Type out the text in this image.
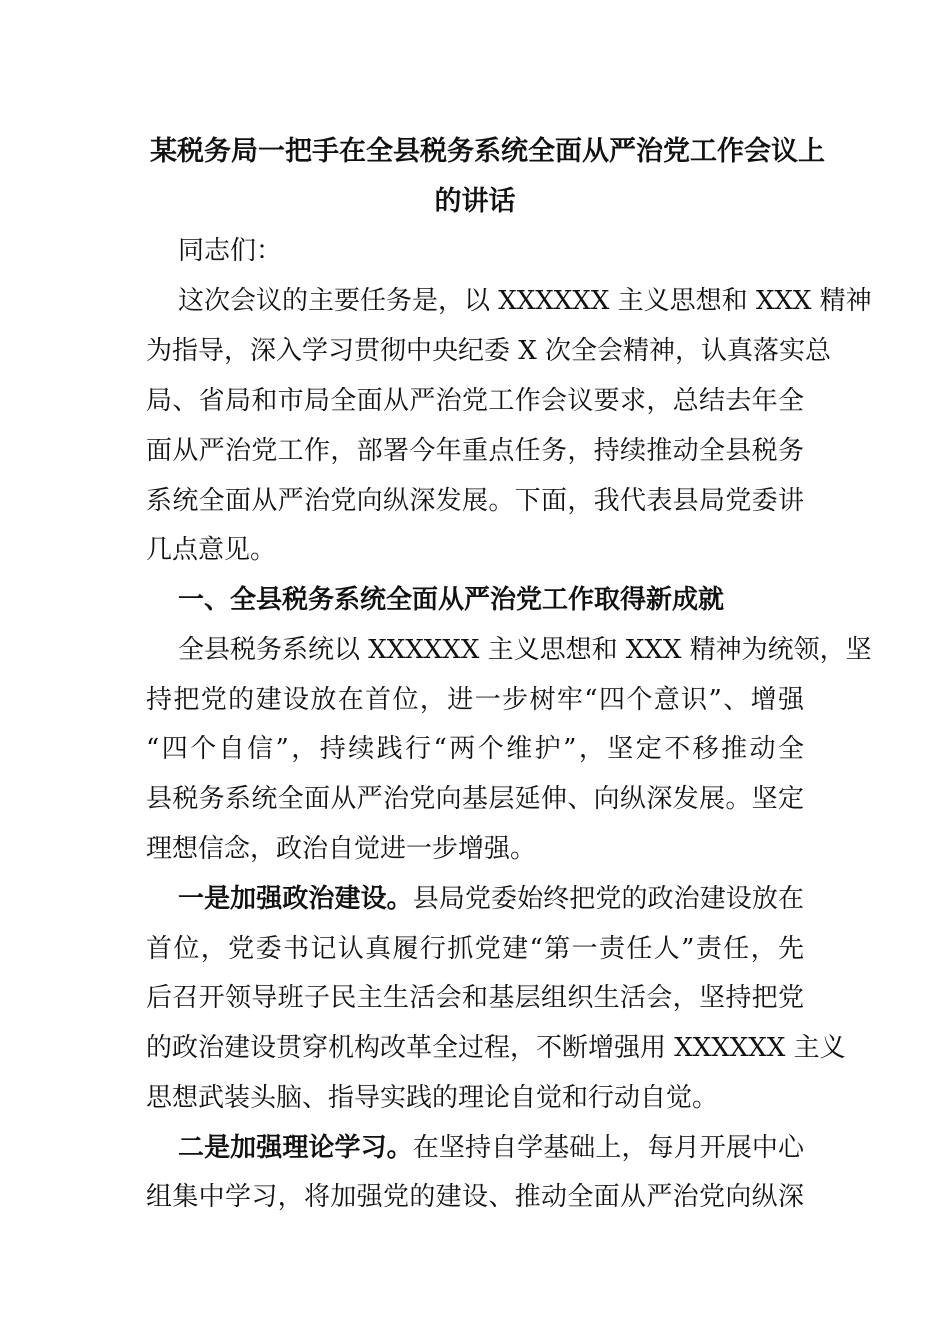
某税务局一把手在全县税务系统全面从严治党工作会议上
的讲话
同志们：
这次会议的主要任务是，以 XXXXXX 主义思想和 XXX 精神
为指导，深入学习贯彻中央纪委 X 次全会精神，认真落实总
局、省局和市局全面从严治党工作会议要求，总结去年全
面从严治党工作，部署今年重点任务，持续推动全县税务
系统全面从严治党向纵深发展。下面，我代表县局党委讲
几点意见。
一、全县税务系统全面从严治党工作取得新成就
全县税务系统以 XXXXXX 主义思想和 XXX 精神为统领，坚
持把党的建设放在首位，进一步树牢“四个意识”、增强
“四个自信”，持续践行“两个维护”，坚定不移推动全
县税务系统全面从严治党向基层延伸、向纵深发展。坚定
理想信念，政治自觉进一步增强。
一是加强政治建设。县局党委始终把党的政治建设放在
首位，党委书记认真履行抓党建“第一责任人”责任，先
后召开领导班子民主生活会和基层组织生活会，坚持把党
的政治建设贯穿机构改革全过程，不断增强用 XXXXXX 主义
思想武装头脑、指导实践的理论自觉和行动自觉。
二是加强理论学习。在坚持自学基础上，每月开展中心
组集中学习，将加强党的建设、推动全面从严治党向纵深
